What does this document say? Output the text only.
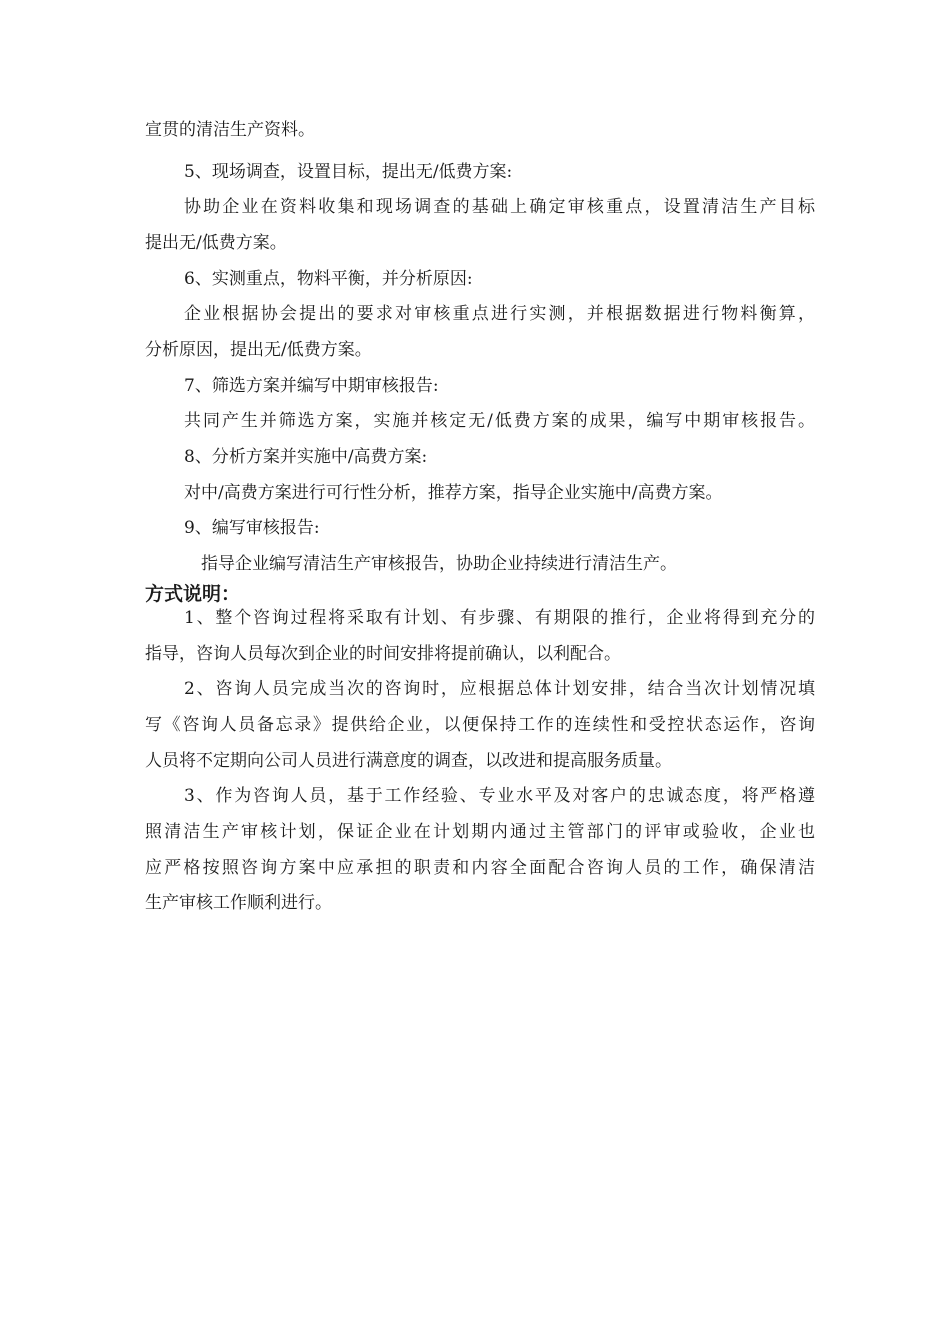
宣贯的清洁生产资料。
5、现场调查，设置目标，提出无/低费方案:
协助企业在资料收集和现场调查的基础上确定审核重点，设置清洁生产目标
提出无/低费方案。
6、实测重点，物料平衡，并分析原因:
企业根据协会提出的要求对审核重点进行实测，并根据数据进行物料衡算，
分析原因，提出无/低费方案。
7、筛选方案并编写中期审核报告:
共同产生并筛选方案，实施并核定无/低费方案的成果，编写中期审核报告。
8、分析方案并实施中/高费方案:
对中/高费方案进行可行性分析，推荐方案，指导企业实施中/高费方案。
9、编写审核报告:
指导企业编写清洁生产审核报告，协助企业持续进行清洁生产。
方式说明：
1、整个咨询过程将采取有计划、有步骤、有期限的推行，企业将得到充分的
指导，咨询人员每次到企业的时间安排将提前确认，以利配合。
2、咨询人员完成当次的咨询时，应根据总体计划安排，结合当次计划情况填
写《咨询人员备忘录》提供给企业，以便保持工作的连续性和受控状态运作，咨询
人员将不定期向公司人员进行满意度的调查，以改进和提高服务质量。
3、作为咨询人员，基于工作经验、专业水平及对客户的忠诚态度，将严格遵
照清洁生产审核计划，保证企业在计划期内通过主管部门的评审或验收，企业也
应严格按照咨询方案中应承担的职责和内容全面配合咨询人员的工作，确保清洁
生产审核工作顺利进行。
